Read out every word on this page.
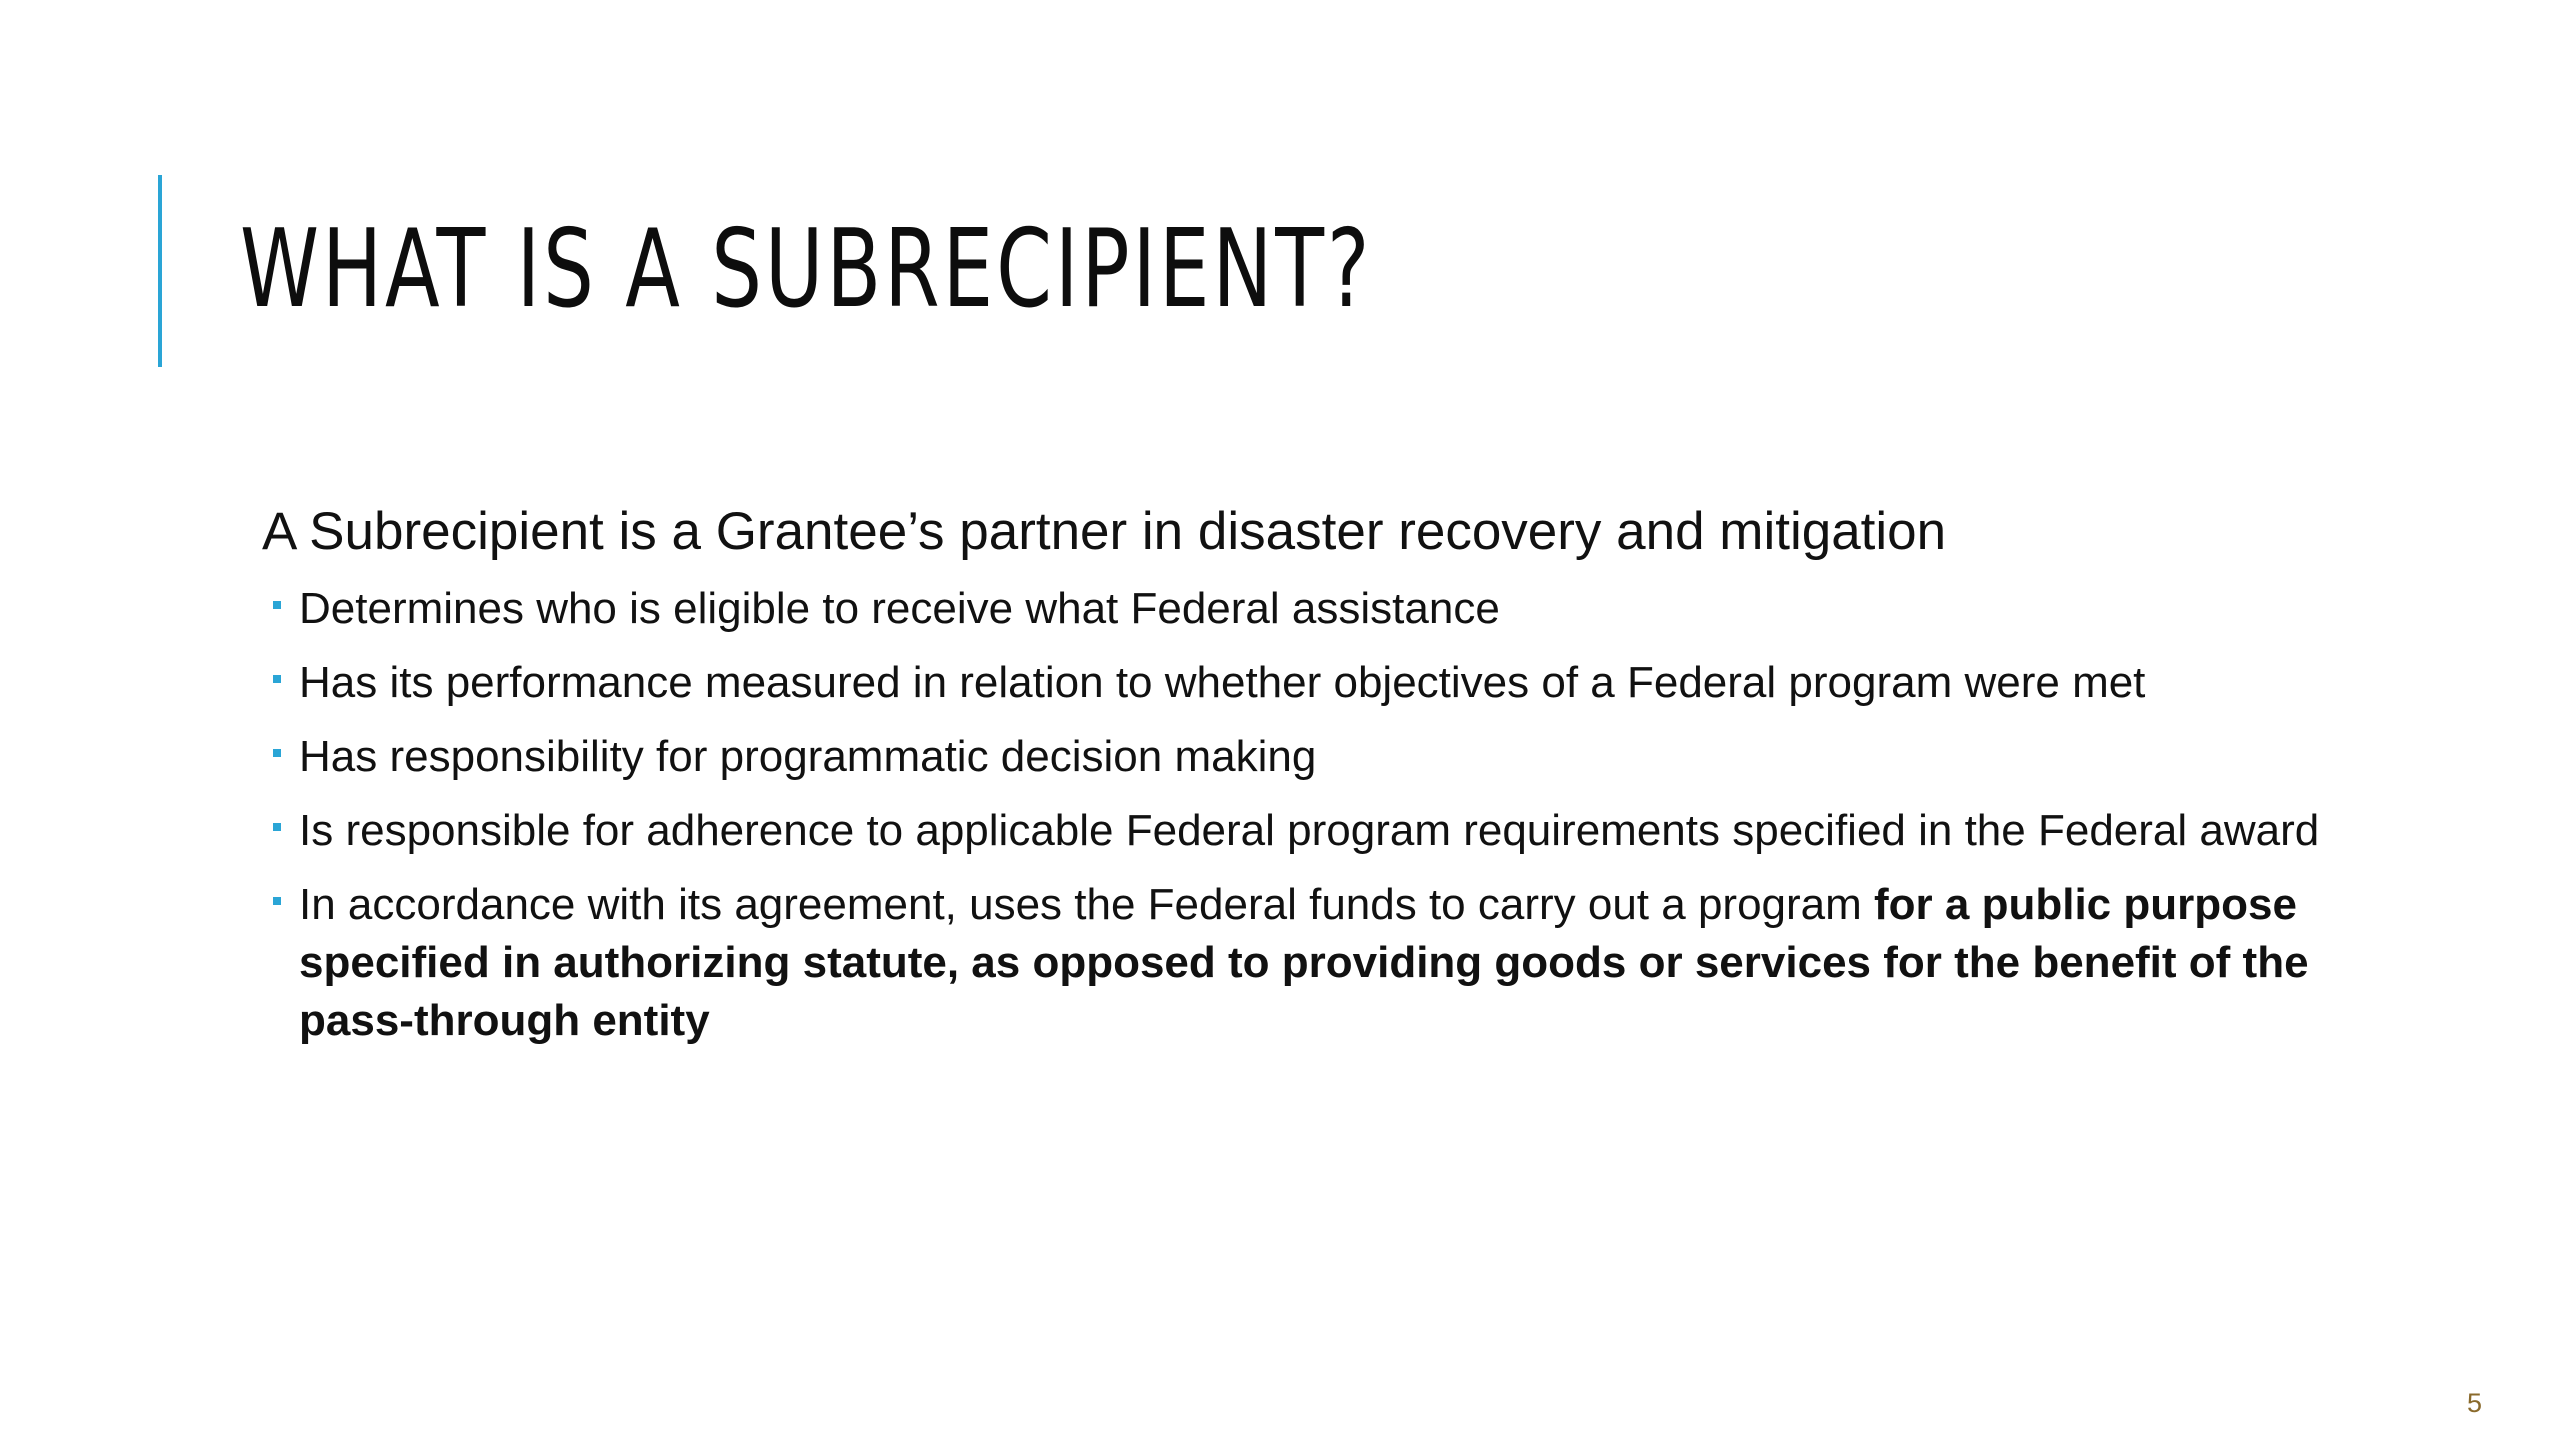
WHAT IS A SUBRECIPIENT?

A Subrecipient is a Grantee’s partner in disaster recovery and mitigation

Determines who is eligible to receive what Federal assistance
Has its performance measured in relation to whether objectives of a Federal program were met
Has responsibility for programmatic decision making
Is responsible for adherence to applicable Federal program requirements specified in the Federal award
In accordance with its agreement, uses the Federal funds to carry out a program for a public purpose specified in authorizing statute, as opposed to providing goods or services for the benefit of the pass-through entity
5
